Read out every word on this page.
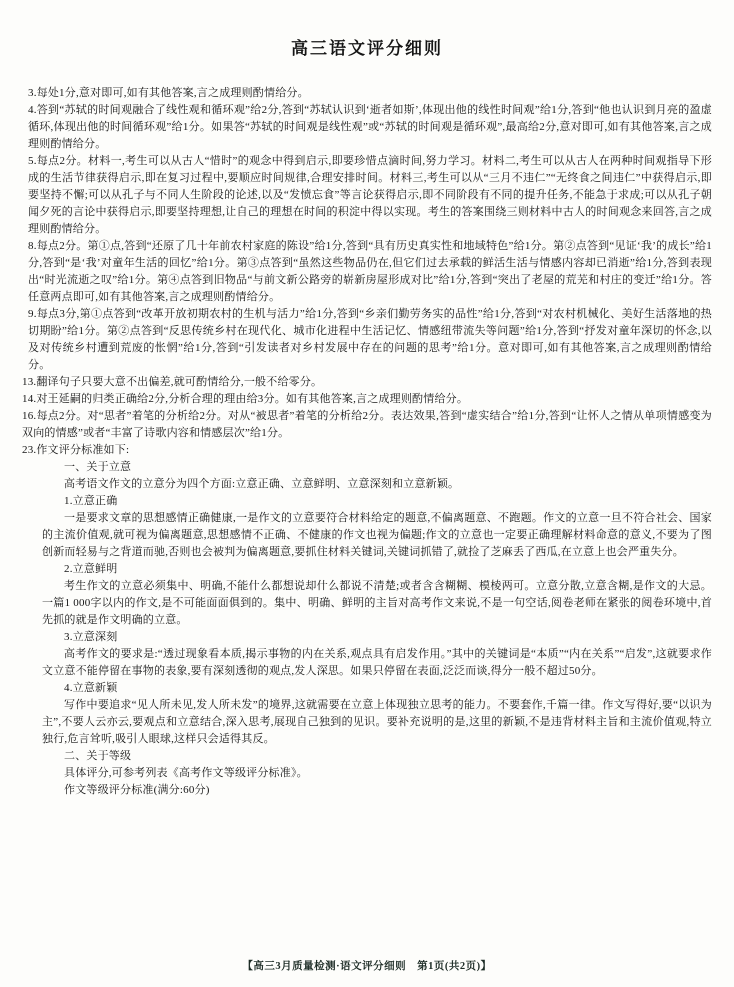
高三语文评分细则
3.每处1分,意对即可,如有其他答案,言之成理则酌情给分。
4.答到“苏轼的时间观融合了线性观和循环观”给2分,答到“苏轼认识到‘逝者如斯’,体现出他的线性时间观”给1分,答到“他也认识到月亮的盈虚循环,体现出他的时间循环观”给1分。如果答“苏轼的时间观是线性观”或“苏轼的时间观是循环观”,最高给2分,意对即可,如有其他答案,言之成理则酌情给分。
5.每点2分。材料一,考生可以从古人“惜时”的观念中得到启示,即要珍惜点滴时间,努力学习。材料二,考生可以从古人在两种时间观指导下形成的生活节律获得启示,即在复习过程中,要顺应时间规律,合理安排时间。材料三,考生可以从“三月不违仁”“无终食之间违仁”中获得启示,即要坚持不懈;可以从孔子与不同人生阶段的论述,以及“发愤忘食”等言论获得启示,即不同阶段有不同的提升任务,不能急于求成;可以从孔子朝闻夕死的言论中获得启示,即要坚持理想,让自己的理想在时间的积淀中得以实现。考生的答案围绕三则材料中古人的时间观念来回答,言之成理则酌情给分。
8.每点2分。第①点,答到“还原了几十年前农村家庭的陈设”给1分,答到“具有历史真实性和地域特色”给1分。第②点答到“见证‘我’的成长”给1分,答到“是‘我’对童年生活的回忆”给1分。第③点答到“虽然这些物品仍在,但它们过去承载的鲜活生活与情感内容却已消逝”给1分,答到表现出“时光流逝之叹”给1分。第④点答到旧物品“与前文新公路旁的崭新房屋形成对比”给1分,答到“突出了老屋的荒芜和村庄的变迁”给1分。答任意两点即可,如有其他答案,言之成理则酌情给分。
9.每点3分,第①点答到“改革开放初期农村的生机与活力”给1分,答到“乡亲们勤劳务实的品性”给1分,答到“对农村机械化、美好生活落地的热切期盼”给1分。第②点答到“反思传统乡村在现代化、城市化进程中生活记忆、情感纽带流失等问题”给1分,答到“抒发对童年深切的怀念,以及对传统乡村遭到荒废的怅惘”给1分,答到“引发读者对乡村发展中存在的问题的思考”给1分。意对即可,如有其他答案,言之成理则酌情给分。
13.翻译句子只要大意不出偏差,就可酌情给分,一般不给零分。
14.对王延嗣的归类正确给2分,分析合理的理由给3分。如有其他答案,言之成理则酌情给分。
16.每点2分。对“思者”着笔的分析给2分。对从“被思者”着笔的分析给2分。表达效果,答到“虚实结合”给1分,答到“让怀人之情从单项情感变为双向的情感”或者“丰富了诗歌内容和情感层次”给1分。
23.作文评分标准如下:
一、关于立意
高考语文作文的立意分为四个方面:立意正确、立意鲜明、立意深刻和立意新颖。
1.立意正确
一是要求文章的思想感情正确健康,一是作文的立意要符合材料给定的题意,不偏离题意、不跑题。作文的立意一旦不符合社会、国家的主流价值观,就可视为偏离题意,思想感情不正确、不健康的作文也视为偏题;作文的立意也一定要正确理解材料命意的意义,不要为了图创新而轻易与之背道而驰,否则也会被判为偏离题意,要抓住材料关键词,关键词抓错了,就捡了芝麻丢了西瓜,在立意上也会严重失分。
2.立意鲜明
考生作文的立意必须集中、明确,不能什么都想说却什么都说不清楚;或者含含糊糊、模棱两可。立意分散,立意含糊,是作文的大忌。一篇1 000字以内的作文,是不可能面面俱到的。集中、明确、鲜明的主旨对高考作文来说,不是一句空话,阅卷老师在紧张的阅卷环境中,首先抓的就是作文明确的立意。
3.立意深刻
高考作文的要求是:“透过现象看本质,揭示事物的内在关系,观点具有启发作用。”其中的关键词是“本质”“内在关系”“启发”,这就要求作文立意不能停留在事物的表象,要有深刻透彻的观点,发人深思。如果只停留在表面,泛泛而谈,得分一般不超过50分。
4.立意新颖
写作中要追求“见人所未见,发人所未发”的境界,这就需要在立意上体现独立思考的能力。不要套作,千篇一律。作文写得好,要“以识为主”,不要人云亦云,要观点和立意结合,深入思考,展现自己独到的见识。要补充说明的是,这里的新颖,不是违背材料主旨和主流价值观,特立独行,危言耸听,吸引人眼球,这样只会适得其反。
二、关于等级
具体评分,可参考列表《高考作文等级评分标准》。
作文等级评分标准(满分:60分)
【高三3月质量检测·语文评分细则　第1页(共2页)】
